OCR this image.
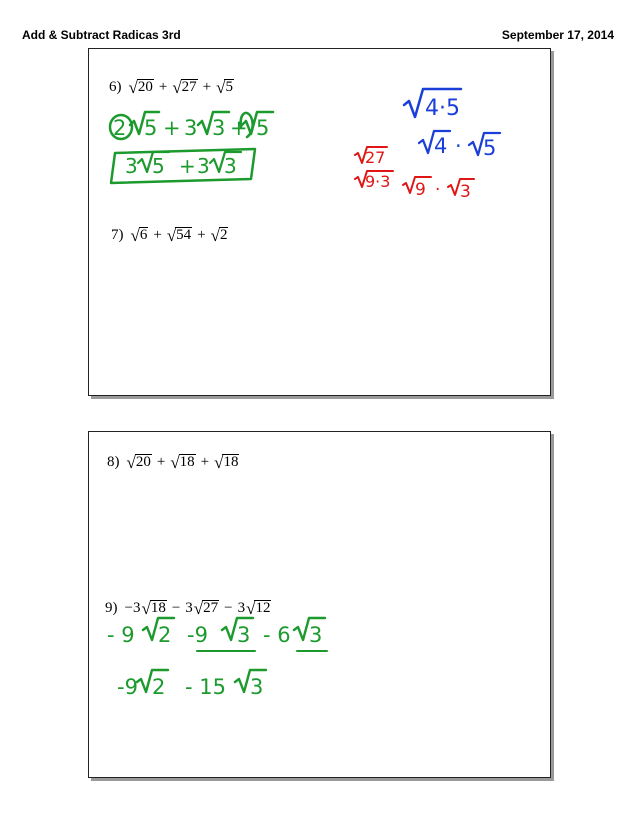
Add & Subtract Radicas 3rd	September 17, 2014
6) √ 20 + √ 27 + √ 5
7) √ 6 + √ 54 + √ 2
2 5 + 3 3 + 5
3 5 + 3 3
4·5
4 · 5
27
9·3 9 · 3
8) √ 20 + √ 18 + √ 18
9) −3 √ 18 − 3 √ 27 − 3 √ 12
- 9 2 -9 3 - 6 3
-9 2 - 15 3
